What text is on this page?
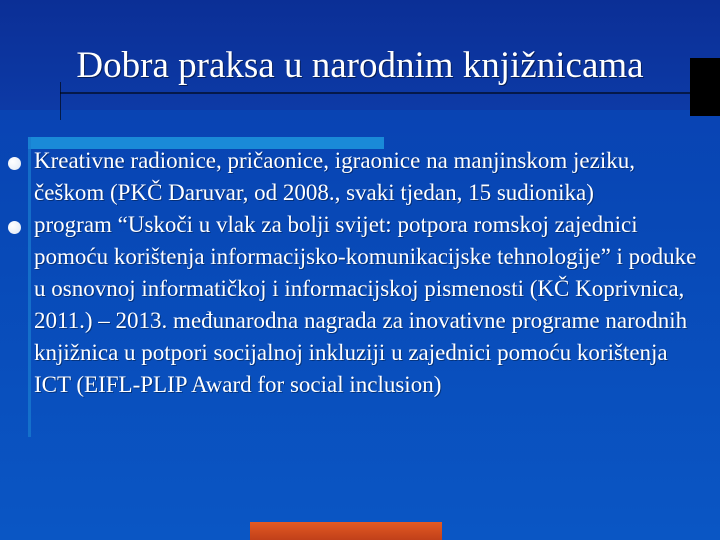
Dobra praksa u narodnim knjižnicama

Kreativne radionice, pričaonice, igraonice na manjinskom jeziku, češkom (PKČ Daruvar, od 2008., svaki tjedan, 15 sudionika)

program “Uskoči u vlak za bolji svijet: potpora romskoj zajednici pomoću korištenja informacijsko-komunikacijske tehnologije” i poduke u osnovnoj informatičkoj i informacijskoj pismenosti (KČ Koprivnica, 2011.) – 2013. međunarodna nagrada za inovativne programe narodnih knjižnica u potpori socijalnoj inkluziji u zajednici pomoću korištenja ICT (EIFL-PLIP Award for social inclusion)
